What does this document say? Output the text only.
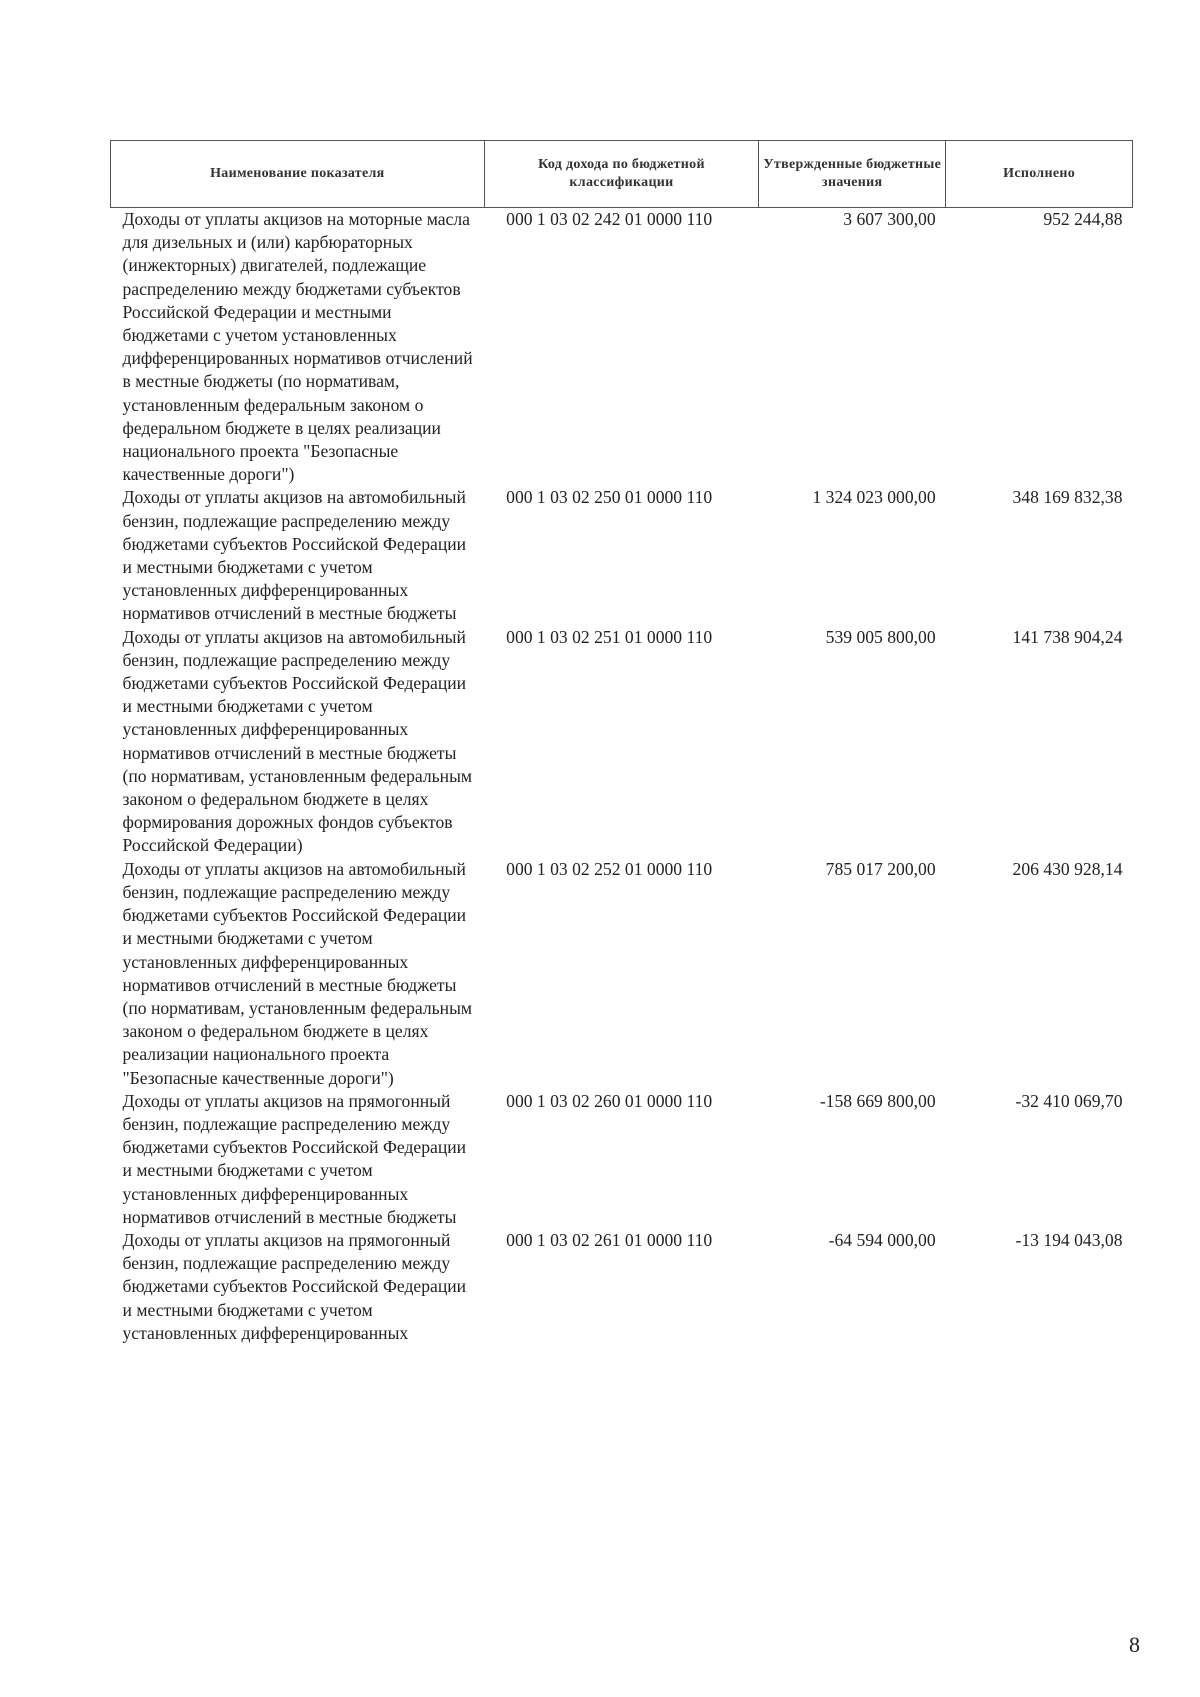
Наименование показателя	Код дохода по бюджетной классификации	Утвержденные бюджетные значения	Исполнено
Доходы от уплаты акцизов на моторные масла для дизельных и (или) карбюраторных (инжекторных) двигателей, подлежащие распределению между бюджетами субъектов Российской Федерации и местными бюджетами с учетом установленных дифференцированных нормативов отчислений в местные бюджеты (по нормативам, установленным федеральным законом о федеральном бюджете в целях реализации национального проекта "Безопасные качественные дороги")	000 1 03 02 242 01 0000 110	3 607 300,00	952 244,88
Доходы от уплаты акцизов на автомобильный бензин, подлежащие распределению между бюджетами субъектов Российской Федерации и местными бюджетами с учетом установленных дифференцированных нормативов отчислений в местные бюджеты	000 1 03 02 250 01 0000 110	1 324 023 000,00	348 169 832,38
Доходы от уплаты акцизов на автомобильный бензин, подлежащие распределению между бюджетами субъектов Российской Федерации и местными бюджетами с учетом установленных дифференцированных нормативов отчислений в местные бюджеты (по нормативам, установленным федеральным законом о федеральном бюджете в целях формирования дорожных фондов субъектов Российской Федерации)	000 1 03 02 251 01 0000 110	539 005 800,00	141 738 904,24
Доходы от уплаты акцизов на автомобильный бензин, подлежащие распределению между бюджетами субъектов Российской Федерации и местными бюджетами с учетом установленных дифференцированных нормативов отчислений в местные бюджеты (по нормативам, установленным федеральным законом о федеральном бюджете в целях реализации национального проекта "Безопасные качественные дороги")	000 1 03 02 252 01 0000 110	785 017 200,00	206 430 928,14
Доходы от уплаты акцизов на прямогонный бензин, подлежащие распределению между бюджетами субъектов Российской Федерации и местными бюджетами с учетом установленных дифференцированных нормативов отчислений в местные бюджеты	000 1 03 02 260 01 0000 110	-158 669 800,00	-32 410 069,70
Доходы от уплаты акцизов на прямогонный бензин, подлежащие распределению между бюджетами субъектов Российской Федерации и местными бюджетами с учетом установленных дифференцированных	000 1 03 02 261 01 0000 110	-64 594 000,00	-13 194 043,08
8
